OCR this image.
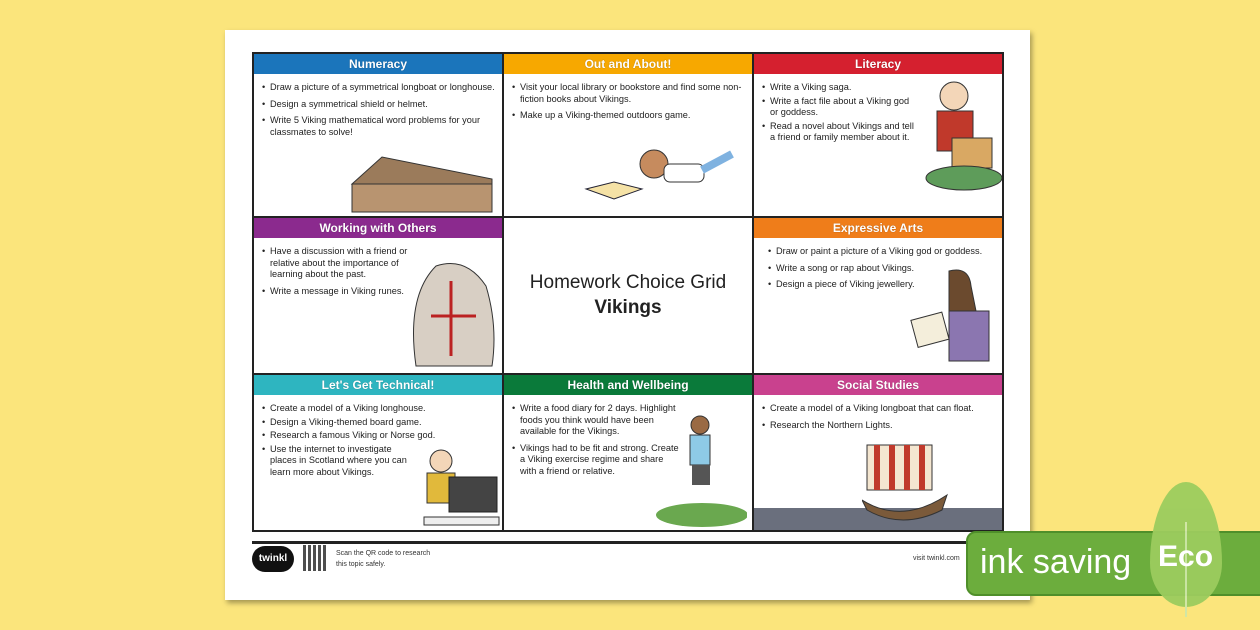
Numeracy
• Draw a picture of a symmetrical longboat or longhouse.
• Design a symmetrical shield or helmet.
• Write 5 Viking mathematical word problems for your classmates to solve!
Out and About!
• Visit your local library or bookstore and find some non-fiction books about Vikings.
• Make up a Viking-themed outdoors game.
Literacy
• Write a Viking saga.
• Write a fact file about a Viking god or goddess.
• Read a novel about Vikings and tell a friend or family member about it.
Working with Others
• Have a discussion with a friend or relative about the importance of learning about the past.
• Write a message in Viking runes.	Homework Choice Grid
Vikings
Expressive Arts
• Draw or paint a picture of a Viking god or goddess.
• Write a song or rap about Vikings.
• Design a piece of Viking jewellery.
Let's Get Technical!
• Create a model of a Viking longhouse.
• Design a Viking-themed board game.
• Research a famous Viking or Norse god.
• Use the internet to investigate places in Scotland where you can learn more about Vikings.
Health and Wellbeing
• Write a food diary for 2 days. Highlight foods you think would have been available for the Vikings.
• Vikings had to be fit and strong. Create a Viking exercise regime and share with a friend or relative.
Social Studies
• Create a model of a Viking longboat that can float.
• Research the Northern Lights.
twinkl	Scan the QR code to research
this topic safely.
visit twinkl.com ink saving Eco
